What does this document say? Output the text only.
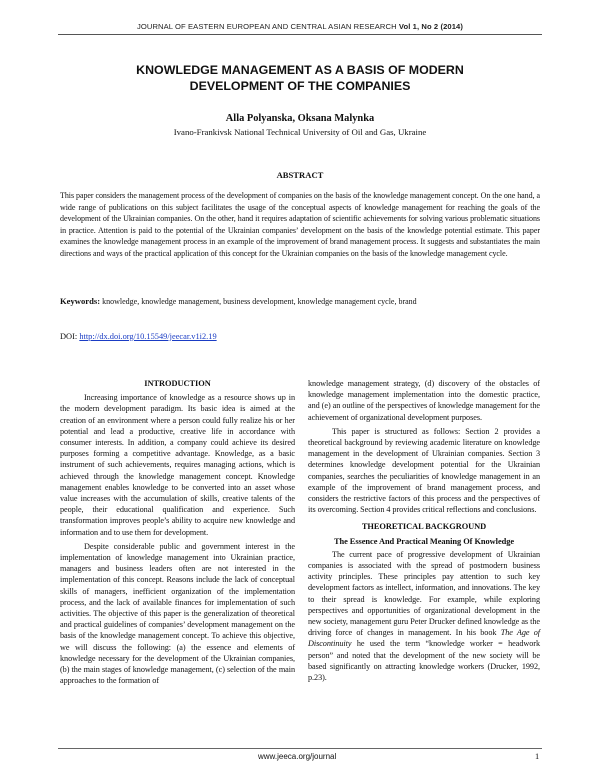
JOURNAL OF EASTERN EUROPEAN AND CENTRAL ASIAN RESEARCH Vol 1, No 2 (2014)
KNOWLEDGE MANAGEMENT AS A BASIS OF MODERN
DEVELOPMENT OF THE COMPANIES
Alla Polyanska, Oksana Malynka
Ivano-Frankivsk National Technical University of Oil and Gas, Ukraine
ABSTRACT
This paper considers the management process of the development of companies on the basis of the knowledge management concept. On the one hand, a wide range of publications on this subject facilitates the usage of the conceptual aspects of knowledge management for reaching the goals of the development of the Ukrainian companies. On the other, hand it requires adaptation of scientific achievements for solving various problematic situations in practice. Attention is paid to the potential of the Ukrainian companies’ development on the basis of the knowledge potential estimate. This paper examines the knowledge management process in an example of the improvement of brand management process. It suggests and substantiates the main directions and ways of the practical application of this concept for the Ukrainian companies on the basis of the knowledge management cycle.
Keywords: knowledge, knowledge management, business development, knowledge management cycle, brand
DOI: http://dx.doi.org/10.15549/jeecar.v1i2.19
INTRODUCTION

Increasing importance of knowledge as a resource shows up in the modern development paradigm. Its basic idea is aimed at the creation of an environment where a person could fully realize his or her potential and lead a productive, creative life in accordance with consumer interests. In addition, a company could achieve its desired purposes forming a competitive advantage. Knowledge, as a basic instrument of such achievements, requires managing actions, which is achieved through the knowledge management concept. Knowledge management enables knowledge to be converted into an asset whose value increases with the accumulation of skills, creative talents of the people, their educational qualification and experience. Such transformation improves people’s ability to acquire new knowledge and information and to use them for development.

Despite considerable public and government interest in the implementation of knowledge management into Ukrainian practice, managers and business leaders often are not interested in the implementation of this concept. Reasons include the lack of conceptual skills of managers, inefficient organization of the implementation process, and the lack of available finances for implementation of such activities. The objective of this paper is the generalization of theoretical and practical guidelines of companies’ development management on the basis of the knowledge management concept. To achieve this objective, we will discuss the following: (a) the essence and elements of knowledge necessary for the development of the Ukrainian companies, (b) the main stages of knowledge management, (c) selection of the main approaches to the formation of

knowledge management strategy, (d) discovery of the obstacles of knowledge management implementation into the domestic practice, and (e) an outline of the perspectives of knowledge management for the achievement of organizational development purposes.

This paper is structured as follows: Section 2 provides a theoretical background by reviewing academic literature on knowledge management in the development of Ukrainian companies. Section 3 determines knowledge development potential for the Ukrainian companies, searches the peculiarities of knowledge management in an example of the improvement of brand management process, and considers the restrictive factors of this process and the perspectives of its overcoming. Section 4 provides critical reflections and conclusions.

THEORETICAL BACKGROUND
The Essence And Practical Meaning Of Knowledge

The current pace of progressive development of Ukrainian companies is associated with the spread of postmodern business activity principles. These principles pay attention to such key development factors as intellect, information, and innovations. The key to their spread is knowledge. For example, while exploring perspectives and opportunities of organizational development in the new society, management guru Peter Drucker defined knowledge as the driving force of changes in management. In his book The Age of Discontinuity he used the term “knowledge worker = headwork person” and noted that the development of the new society will be based significantly on attracting knowledge workers (Drucker, 1992, p.23).

www.jeeca.org/journal	1
